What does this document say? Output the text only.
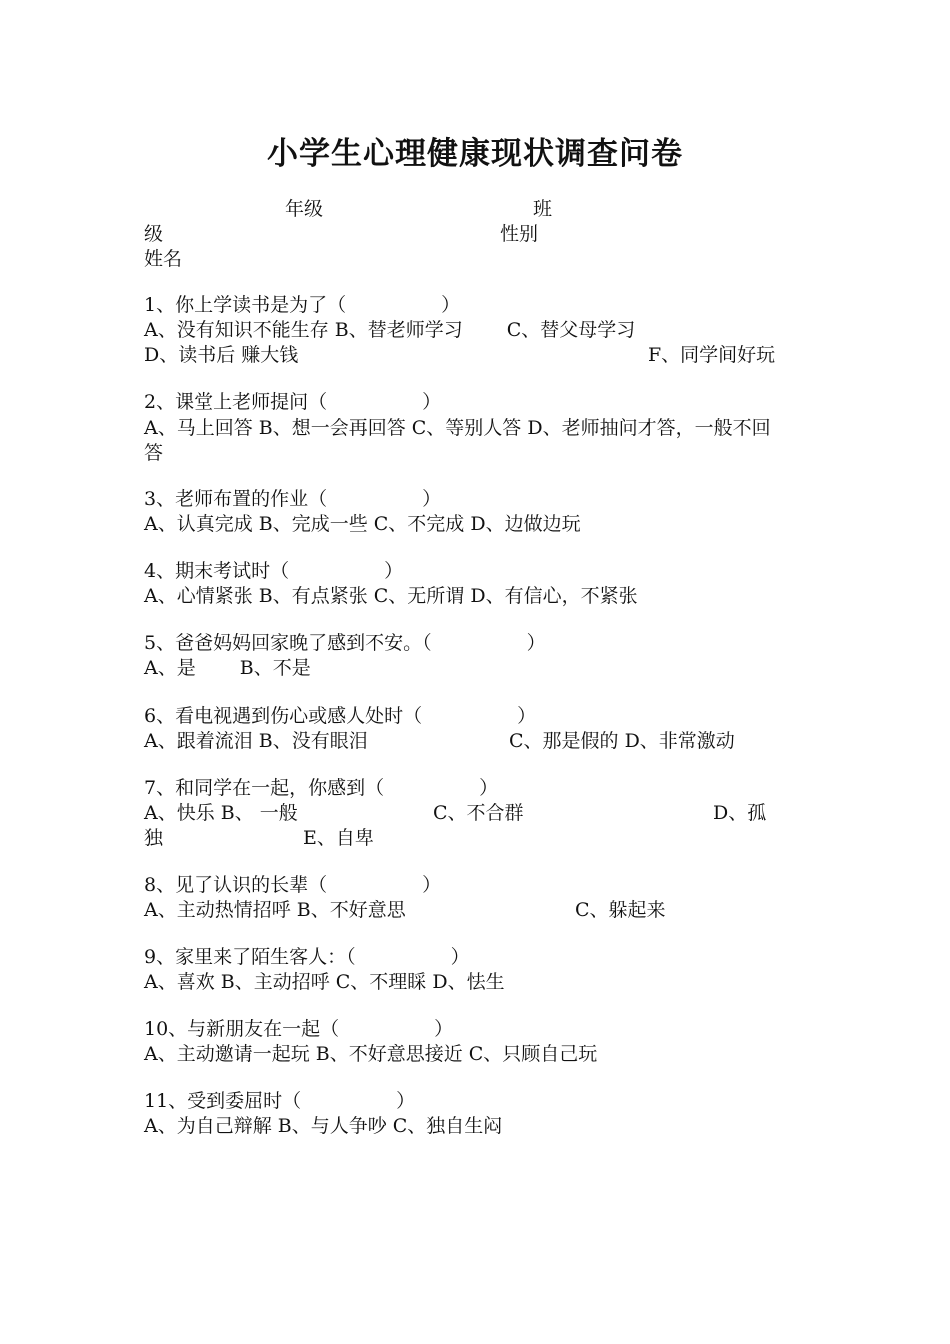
小学生心理健康现状调查问卷
年级	班
级	性别
姓名
1、你上学读书是为了（　　　　　）
A、没有知识不能生存 B、替老师学习　　 C、替父母学习
D、读书后 赚大钱	F、同学间好玩
2、课堂上老师提问（　　　　　）
A、马上回答 B、想一会再回答 C、等别人答 D、老师抽问才答，一般不回
答
3、老师布置的作业（　　　　　）
A、认真完成 B、完成一些 C、不完成 D、边做边玩
4、期末考试时（　　　　　）
A、心情紧张 B、有点紧张 C、无所谓 D、有信心，不紧张
5、爸爸妈妈回家晚了感到不安。（　　　　　）
A、是　　 B、不是
6、看电视遇到伤心或感人处时（　　　　　）
A、跟着流泪 B、没有眼泪	C、那是假的 D、非常激动
7、和同学在一起，你感到（　　　　　）
A、快乐 B、 一般	C、不合群	D、孤
独	E、自卑
8、见了认识的长辈（　　　　　）
A、主动热情招呼 B、不好意思	C、躲起来
9、家里来了陌生客人：（　　　　　）
A、喜欢 B、主动招呼 C、不理睬 D、怯生
10、与新朋友在一起（　　　　　）
A、主动邀请一起玩 B、不好意思接近 C、只顾自己玩
11、受到委屈时（　　　　　）
A、为自己辩解 B、与人争吵 C、独自生闷
